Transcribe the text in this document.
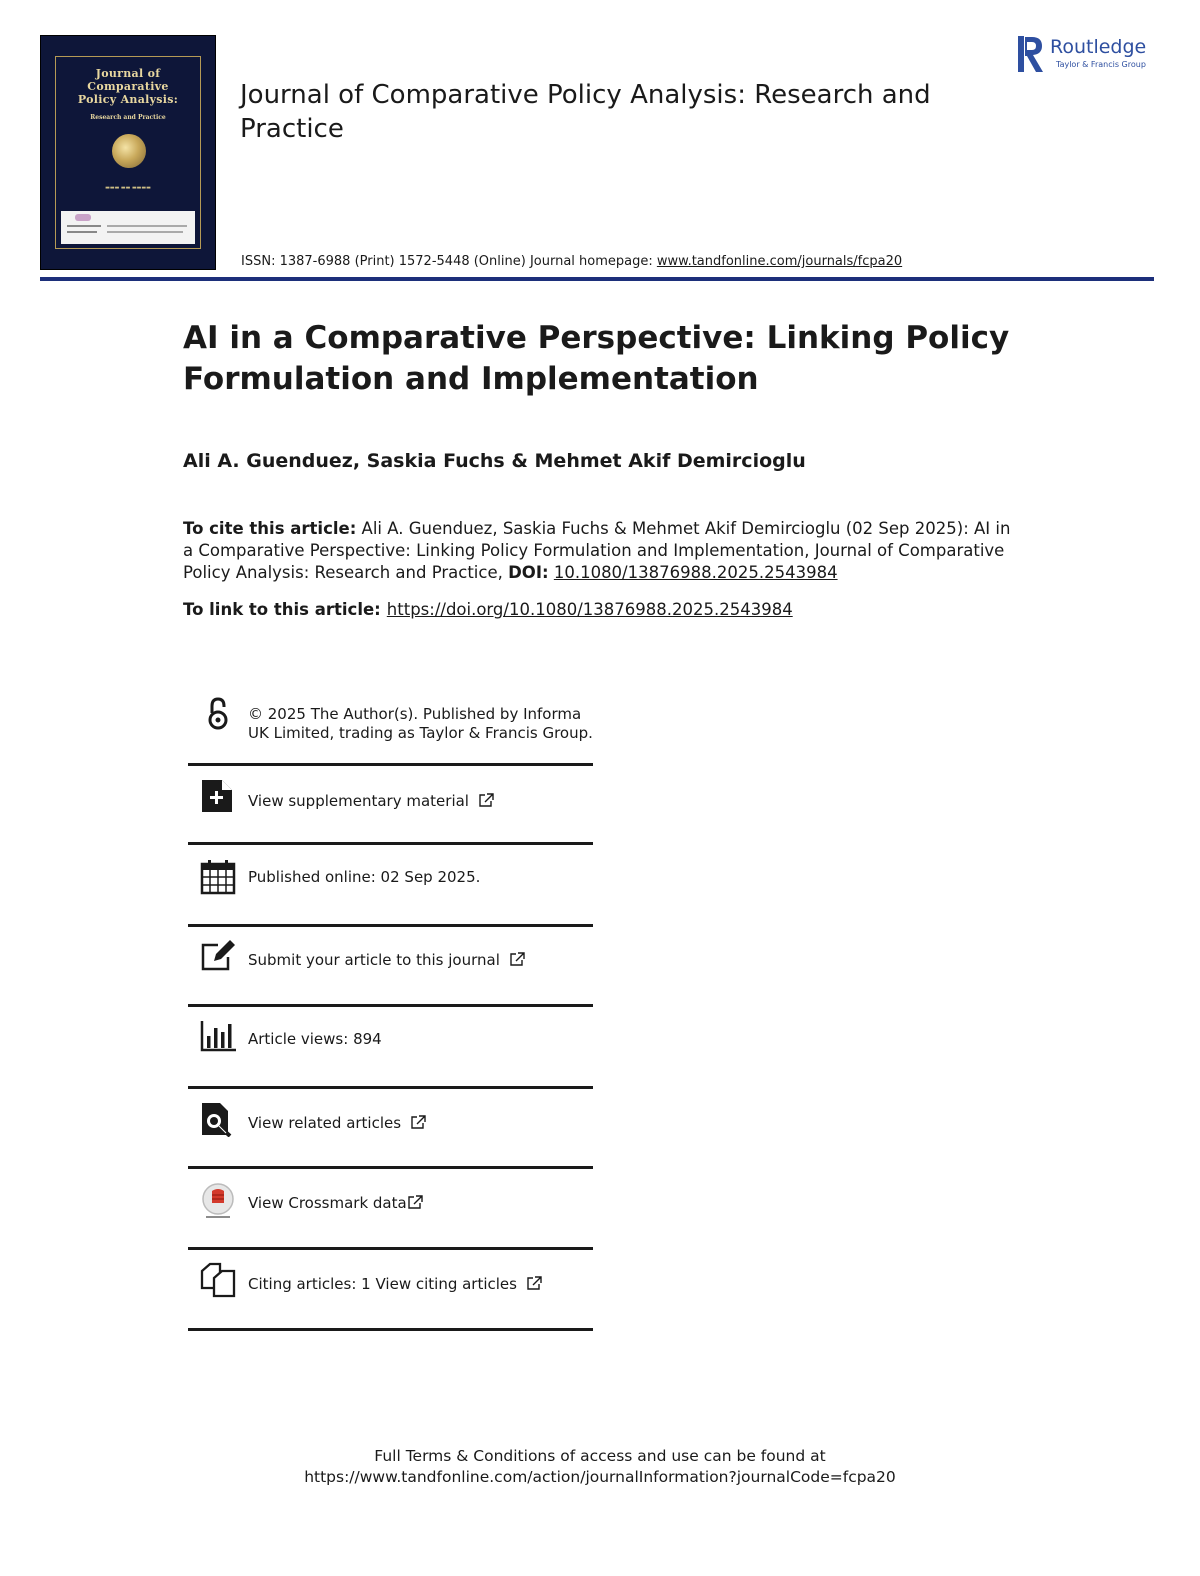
Journal of
Comparative
Policy Analysis:
Research and Practice
▬▬▬ ▬▬ ▬▬▬▬
Journal of Comparative Policy Analysis: Research and Practice
Routledge
Taylor & Francis Group
ISSN: 1387-6988 (Print) 1572-5448 (Online) Journal homepage: www.tandfonline.com/journals/fcpa20
AI in a Comparative Perspective: Linking Policy Formulation and Implementation
Ali A. Guenduez, Saskia Fuchs & Mehmet Akif Demircioglu
To cite this article: Ali A. Guenduez, Saskia Fuchs & Mehmet Akif Demircioglu (02 Sep 2025): AI in a Comparative Perspective: Linking Policy Formulation and Implementation, Journal of Comparative Policy Analysis: Research and Practice, DOI: 10.1080/13876988.2025.2543984
To link to this article: https://doi.org/10.1080/13876988.2025.2543984
© 2025 The Author(s). Published by Informa UK Limited, trading as Taylor & Francis Group.
View supplementary material
Published online: 02 Sep 2025.
Submit your article to this journal
Article views: 894
View related articles
View Crossmark data
Citing articles: 1 View citing articles
Full Terms & Conditions of access and use can be found at
https://www.tandfonline.com/action/journalInformation?journalCode=fcpa20
